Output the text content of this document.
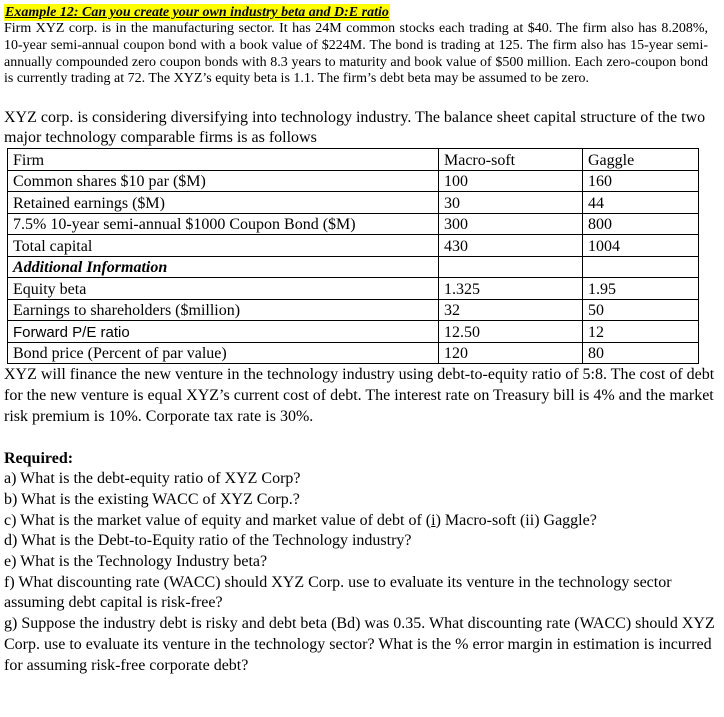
Example 12: Can you create your own industry beta and D:E ratio

Firm XYZ corp. is in the manufacturing sector. It has 24M common stocks each trading at $40. The firm also has 8.208%, 10-year semi-annual coupon bond with a book value of $224M. The bond is trading at 125. The firm also has 15-year semi-annually compounded zero coupon bonds with 8.3 years to maturity and book value of $500 million. Each zero-coupon bond is currently trading at 72. The XYZ’s equity beta is 1.1. The firm’s debt beta may be assumed to be zero.

XYZ corp. is considering diversifying into technology industry. The balance sheet capital structure of the two major technology comparable firms is as follows

Firm	Macro-soft	Gaggle
Common shares $10 par ($M)	100	160
Retained earnings ($M)	30	44
7.5% 10-year semi-annual $1000 Coupon Bond ($M)	300	800
Total capital	430	1004
Additional Information		
Equity beta	1.325	1.95
Earnings to shareholders ($million)	32	50
Forward P/E ratio	12.50	12
Bond price (Percent of par value)	120	80

XYZ will finance the new venture in the technology industry using debt-to-equity ratio of 5:8. The cost of debt for the new venture is equal XYZ’s current cost of debt. The interest rate on Treasury bill is 4% and the market risk premium is 10%. Corporate tax rate is 30%.

Required:

a) What is the debt-equity ratio of XYZ Corp?

b) What is the existing WACC of XYZ Corp.?

c) What is the market value of equity and market value of debt of (i) Macro-soft (ii) Gaggle?

d) What is the Debt-to-Equity ratio of the Technology industry?

e) What is the Technology Industry beta?

f) What discounting rate (WACC) should XYZ Corp. use to evaluate its venture in the technology sector assuming debt capital is risk-free?

g) Suppose the industry debt is risky and debt beta (Bd) was 0.35. What discounting rate (WACC) should XYZ Corp. use to evaluate its venture in the technology sector? What is the % error margin in estimation is incurred for assuming risk-free corporate debt?
